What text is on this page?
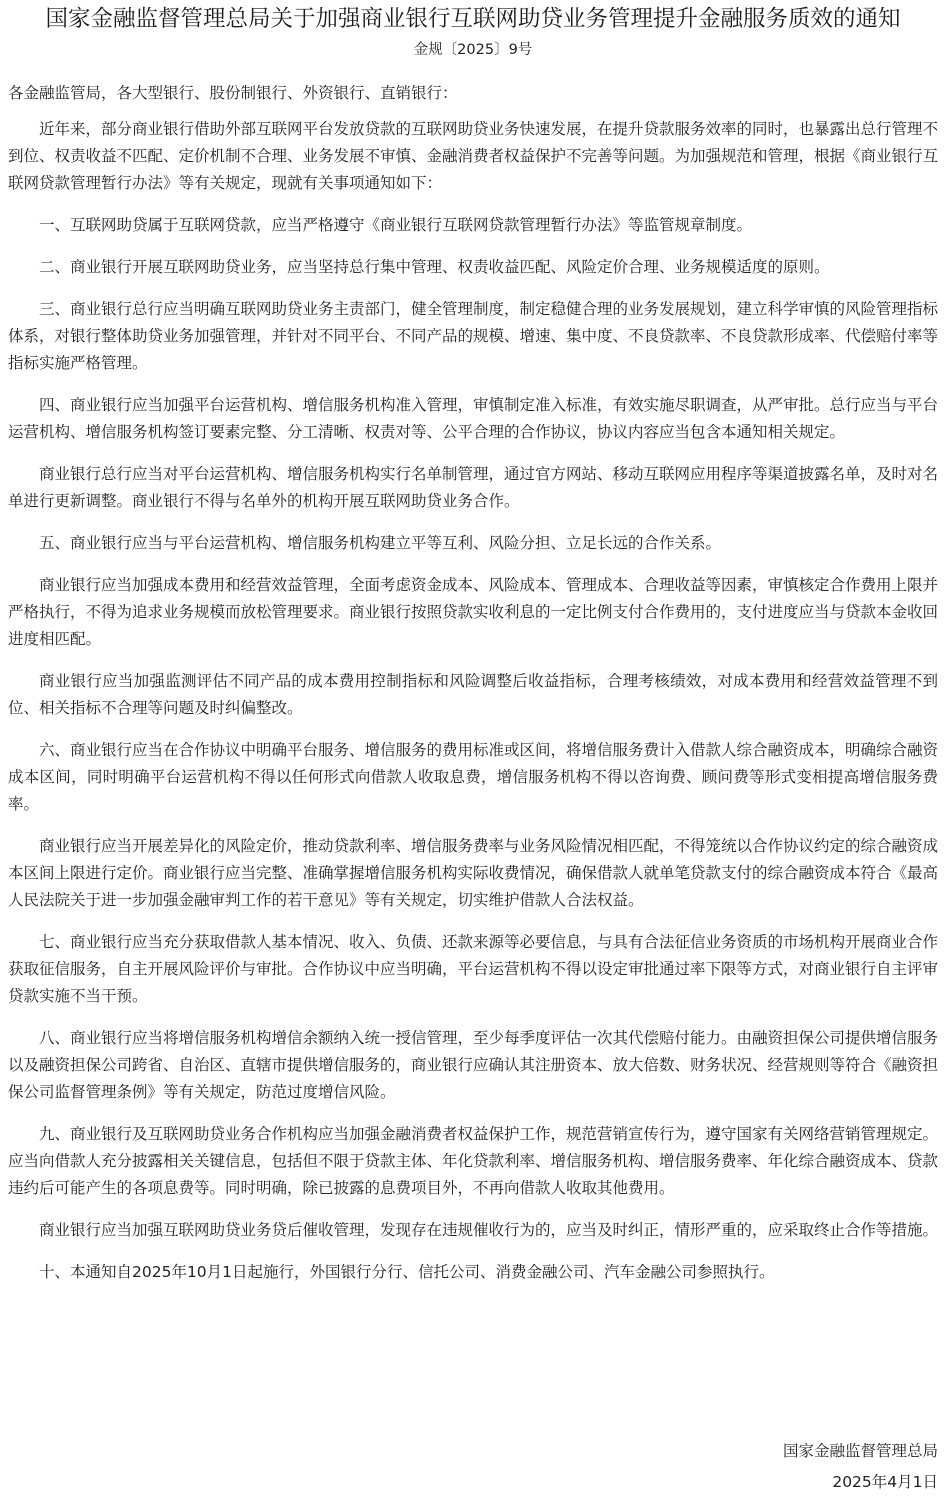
国家金融监督管理总局关于加强商业银行互联网助贷业务管理提升金融服务质效的通知
金规〔2025〕9号
各金融监管局，各大型银行、股份制银行、外资银行、直销银行：

近年来，部分商业银行借助外部互联网平台发放贷款的互联网助贷业务快速发展，在提升贷款服务效率的同时，也暴露出总行管理不到位、权责收益不匹配、定价机制不合理、业务发展不审慎、金融消费者权益保护不完善等问题。为加强规范和管理，根据《商业银行互联网贷款管理暂行办法》等有关规定，现就有关事项通知如下：

一、互联网助贷属于互联网贷款，应当严格遵守《商业银行互联网贷款管理暂行办法》等监管规章制度。

二、商业银行开展互联网助贷业务，应当坚持总行集中管理、权责收益匹配、风险定价合理、业务规模适度的原则。

三、商业银行总行应当明确互联网助贷业务主责部门，健全管理制度，制定稳健合理的业务发展规划，建立科学审慎的风险管理指标体系，对银行整体助贷业务加强管理，并针对不同平台、不同产品的规模、增速、集中度、不良贷款率、不良贷款形成率、代偿赔付率等指标实施严格管理。

四、商业银行应当加强平台运营机构、增信服务机构准入管理，审慎制定准入标准，有效实施尽职调查，从严审批。总行应当与平台运营机构、增信服务机构签订要素完整、分工清晰、权责对等、公平合理的合作协议，协议内容应当包含本通知相关规定。

商业银行总行应当对平台运营机构、增信服务机构实行名单制管理，通过官方网站、移动互联网应用程序等渠道披露名单，及时对名单进行更新调整。商业银行不得与名单外的机构开展互联网助贷业务合作。

五、商业银行应当与平台运营机构、增信服务机构建立平等互利、风险分担、立足长远的合作关系。

商业银行应当加强成本费用和经营效益管理，全面考虑资金成本、风险成本、管理成本、合理收益等因素，审慎核定合作费用上限并严格执行，不得为追求业务规模而放松管理要求。商业银行按照贷款实收利息的一定比例支付合作费用的，支付进度应当与贷款本金收回进度相匹配。

商业银行应当加强监测评估不同产品的成本费用控制指标和风险调整后收益指标，合理考核绩效，对成本费用和经营效益管理不到位、相关指标不合理等问题及时纠偏整改。

六、商业银行应当在合作协议中明确平台服务、增信服务的费用标准或区间，将增信服务费计入借款人综合融资成本，明确综合融资成本区间，同时明确平台运营机构不得以任何形式向借款人收取息费，增信服务机构不得以咨询费、顾问费等形式变相提高增信服务费率。

商业银行应当开展差异化的风险定价，推动贷款利率、增信服务费率与业务风险情况相匹配，不得笼统以合作协议约定的综合融资成本区间上限进行定价。商业银行应当完整、准确掌握增信服务机构实际收费情况，确保借款人就单笔贷款支付的综合融资成本符合《最高人民法院关于进一步加强金融审判工作的若干意见》等有关规定，切实维护借款人合法权益。

七、商业银行应当充分获取借款人基本情况、收入、负债、还款来源等必要信息，与具有合法征信业务资质的市场机构开展商业合作获取征信服务，自主开展风险评价与审批。合作协议中应当明确，平台运营机构不得以设定审批通过率下限等方式，对商业银行自主评审贷款实施不当干预。

八、商业银行应当将增信服务机构增信余额纳入统一授信管理，至少每季度评估一次其代偿赔付能力。由融资担保公司提供增信服务以及融资担保公司跨省、自治区、直辖市提供增信服务的，商业银行应确认其注册资本、放大倍数、财务状况、经营规则等符合《融资担保公司监督管理条例》等有关规定，防范过度增信风险。

九、商业银行及互联网助贷业务合作机构应当加强金融消费者权益保护工作，规范营销宣传行为，遵守国家有关网络营销管理规定。应当向借款人充分披露相关关键信息，包括但不限于贷款主体、年化贷款利率、增信服务机构、增信服务费率、年化综合融资成本、贷款违约后可能产生的各项息费等。同时明确，除已披露的息费项目外，不再向借款人收取其他费用。

商业银行应当加强互联网助贷业务贷后催收管理，发现存在违规催收行为的，应当及时纠正，情形严重的，应采取终止合作等措施。

十、本通知自2025年10月1日起施行，外国银行分行、信托公司、消费金融公司、汽车金融公司参照执行。

国家金融监督管理总局
2025年4月1日
